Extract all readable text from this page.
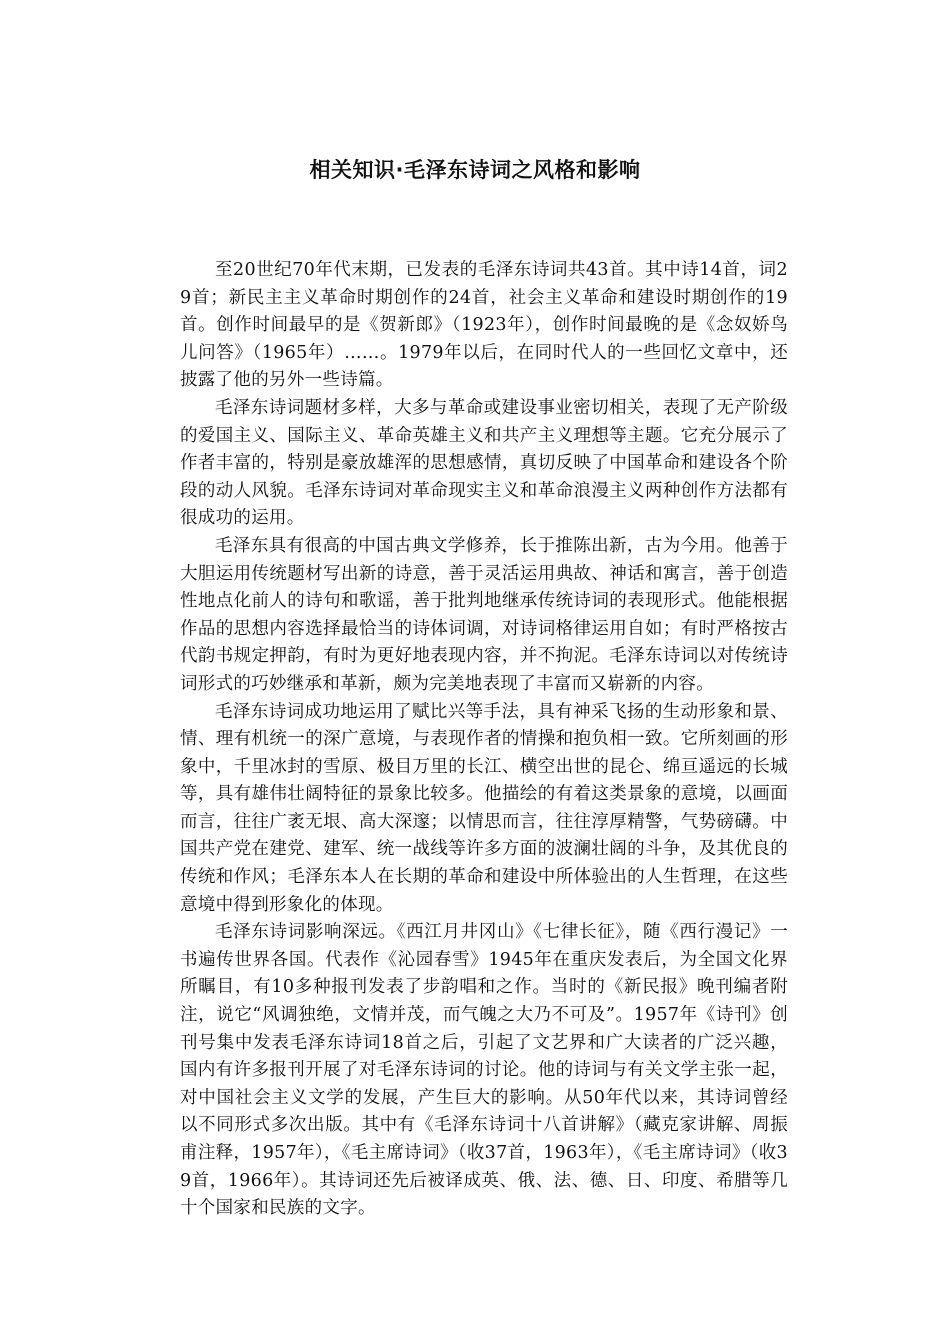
相关知识·毛泽东诗词之风格和影响

至20世纪70年代末期，已发表的毛泽东诗词共43首。其中诗14首，词29首；新民主主义革命时期创作的24首，社会主义革命和建设时期创作的19首。创作时间最早的是《贺新郎》（1923年），创作时间最晚的是《念奴娇鸟儿问答》（1965年）……。1979年以后，在同时代人的一些回忆文章中，还披露了他的另外一些诗篇。

毛泽东诗词题材多样，大多与革命或建设事业密切相关，表现了无产阶级的爱国主义、国际主义、革命英雄主义和共产主义理想等主题。它充分展示了作者丰富的，特别是豪放雄浑的思想感情，真切反映了中国革命和建设各个阶段的动人风貌。毛泽东诗词对革命现实主义和革命浪漫主义两种创作方法都有很成功的运用。

毛泽东具有很高的中国古典文学修养，长于推陈出新，古为今用。他善于大胆运用传统题材写出新的诗意，善于灵活运用典故、神话和寓言，善于创造性地点化前人的诗句和歌谣，善于批判地继承传统诗词的表现形式。他能根据作品的思想内容选择最恰当的诗体词调，对诗词格律运用自如；有时严格按古代韵书规定押韵，有时为更好地表现内容，并不拘泥。毛泽东诗词以对传统诗词形式的巧妙继承和革新，颇为完美地表现了丰富而又崭新的内容。

毛泽东诗词成功地运用了赋比兴等手法，具有神采飞扬的生动形象和景、情、理有机统一的深广意境，与表现作者的情操和抱负相一致。它所刻画的形象中，千里冰封的雪原、极目万里的长江、横空出世的昆仑、绵亘遥远的长城等，具有雄伟壮阔特征的景象比较多。他描绘的有着这类景象的意境，以画面而言，往往广袤无垠、高大深邃；以情思而言，往往淳厚精警，气势磅礴。中国共产党在建党、建军、统一战线等许多方面的波澜壮阔的斗争，及其优良的传统和作风；毛泽东本人在长期的革命和建设中所体验出的人生哲理，在这些意境中得到形象化的体现。

毛泽东诗词影响深远。《西江月井冈山》《七律长征》，随《西行漫记》一书遍传世界各国。代表作《沁园春雪》1945年在重庆发表后，为全国文化界所瞩目，有10多种报刊发表了步韵唱和之作。当时的《新民报》晚刊编者附注，说它“风调独绝，文情并茂，而气魄之大乃不可及”。1957年《诗刊》创刊号集中发表毛泽东诗词18首之后，引起了文艺界和广大读者的广泛兴趣，国内有许多报刊开展了对毛泽东诗词的讨论。他的诗词与有关文学主张一起，对中国社会主义文学的发展，产生巨大的影响。从50年代以来，其诗词曾经以不同形式多次出版。其中有《毛泽东诗词十八首讲解》（藏克家讲解、周振甫注释，1957年），《毛主席诗词》（收37首，1963年），《毛主席诗词》（收39首，1966年）。其诗词还先后被译成英、俄、法、德、日、印度、希腊等几十个国家和民族的文字。
